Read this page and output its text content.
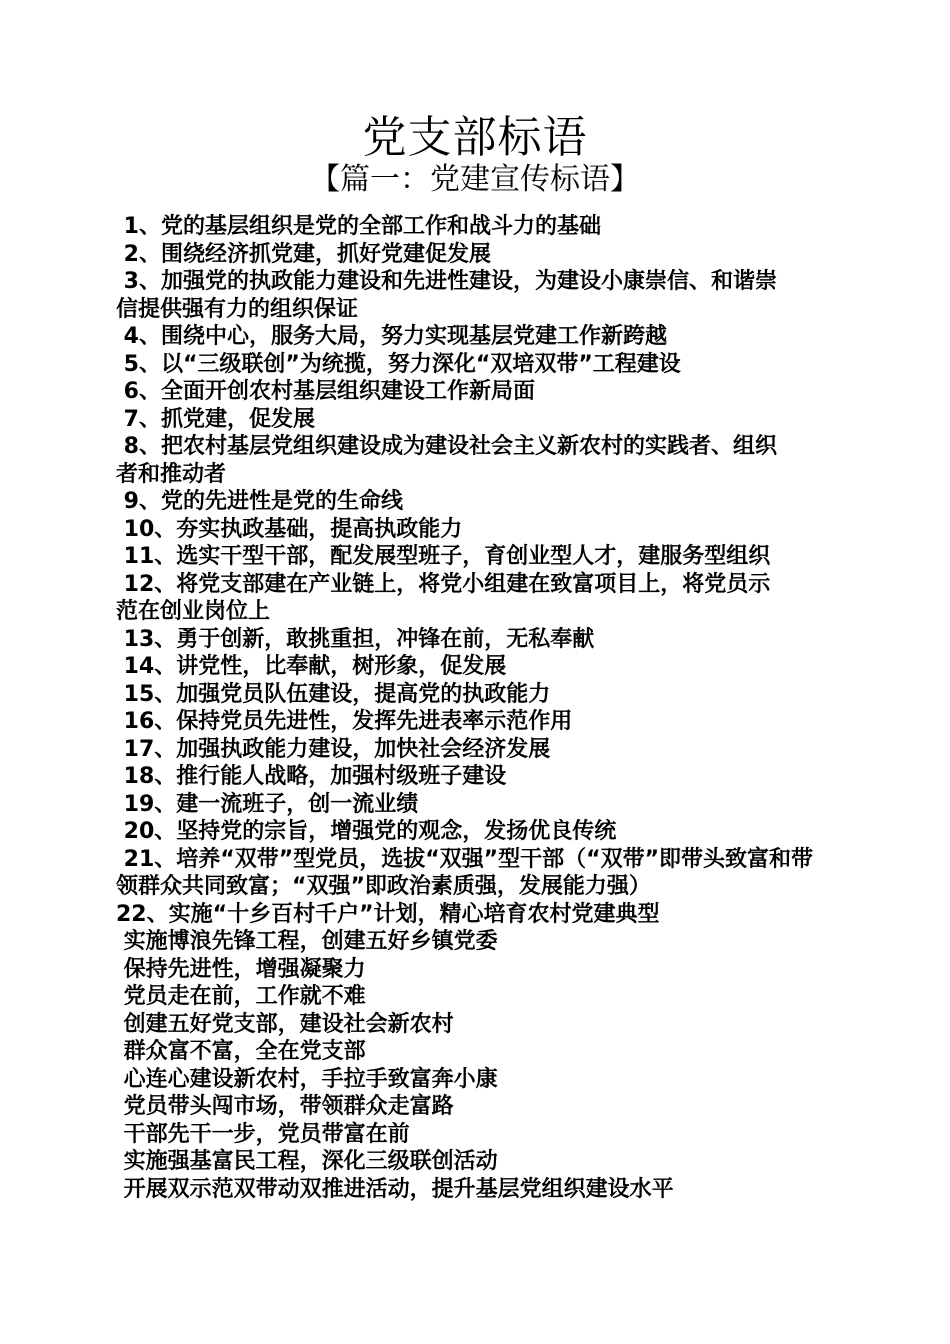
党支部标语
【篇一：党建宣传标语】
1、党的基层组织是党的全部工作和战斗力的基础
2、围绕经济抓党建，抓好党建促发展
3、加强党的执政能力建设和先进性建设，为建设小康崇信、和谐崇
信提供强有力的组织保证
4、围绕中心，服务大局，努力实现基层党建工作新跨越
5、以“三级联创”为统揽，努力深化“双培双带”工程建设
6、全面开创农村基层组织建设工作新局面
7、抓党建，促发展
8、把农村基层党组织建设成为建设社会主义新农村的实践者、组织
者和推动者
9、党的先进性是党的生命线
10、夯实执政基础，提高执政能力
11、选实干型干部，配发展型班子，育创业型人才，建服务型组织
12、将党支部建在产业链上，将党小组建在致富项目上，将党员示
范在创业岗位上
13、勇于创新，敢挑重担，冲锋在前，无私奉献
14、讲党性，比奉献，树形象，促发展
15、加强党员队伍建设，提高党的执政能力
16、保持党员先进性，发挥先进表率示范作用
17、加强执政能力建设，加快社会经济发展
18、推行能人战略，加强村级班子建设
19、建一流班子，创一流业绩
20、坚持党的宗旨，增强党的观念，发扬优良传统
21、培养“双带”型党员，选拔“双强”型干部（“双带”即带头致富和带
领群众共同致富；“双强”即政治素质强，发展能力强）
22、实施“十乡百村千户”计划，精心培育农村党建典型
实施博浪先锋工程，创建五好乡镇党委
保持先进性，增强凝聚力
党员走在前，工作就不难
创建五好党支部，建设社会新农村
群众富不富，全在党支部
心连心建设新农村，手拉手致富奔小康
党员带头闯市场，带领群众走富路
干部先干一步，党员带富在前
实施强基富民工程，深化三级联创活动
开展双示范双带动双推进活动，提升基层党组织建设水平
